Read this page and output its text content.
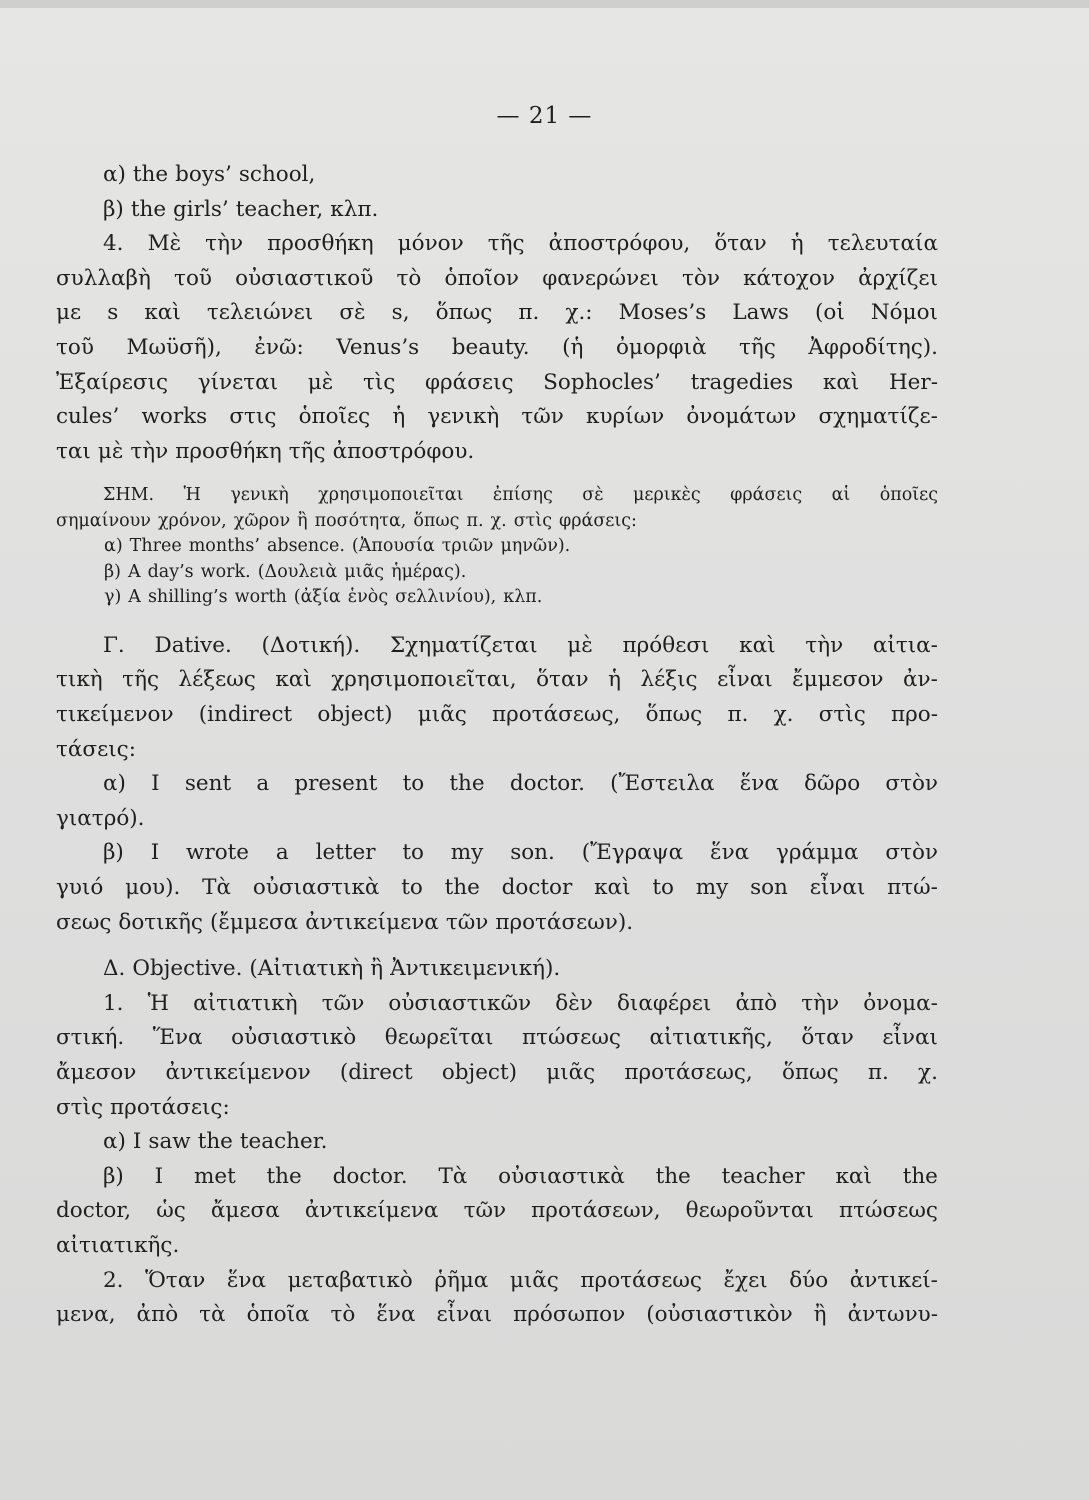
— 21 —
α) the boys’ school,
β) the girls’ teacher, κλπ.
4. Μὲ τὴν προσθήκη μόνον τῆς ἀποστρόφου, ὅταν ἡ τελευταία
συλλαβὴ τοῦ οὐσιαστικοῦ τὸ ὁποῖον φανερώνει τὸν κάτοχον ἀρχίζει
με s καὶ τελειώνει σὲ s, ὅπως π. χ.: Moses’s Laws (οἱ Νόμοι
τοῦ Μωϋσῆ), ἐνῶ: Venus’s beauty. (ἡ ὀμορφιὰ τῆς Ἀφροδίτης).
Ἐξαίρεσις γίνεται μὲ τὶς φράσεις Sophocles’ tragedies καὶ Her-
cules’ works στις ὁποῖες ἡ γενικὴ τῶν κυρίων ὀνομάτων σχηματίζε-
ται μὲ τὴν προσθήκη τῆς ἀποστρόφου.
ΣΗΜ. Ἡ γενικὴ χρησιμοποιεῖται ἐπίσης σὲ μερικὲς φράσεις αἱ ὁποῖες
σημαίνουν χρόνον, χῶρον ἢ ποσότητα, ὅπως π. χ. στὶς φράσεις:
α) Three months’ absence. (Ἀπουσία τριῶν μηνῶν).
β) A day’s work. (Δουλειὰ μιᾶς ἡμέρας).
γ) A shilling’s worth (ἀξία ἑνὸς σελλινίου), κλπ.
Γ. Dative. (Δοτική). Σχηματίζεται μὲ πρόθεσι καὶ τὴν αἰτια-
τικὴ τῆς λέξεως καὶ χρησιμοποιεῖται, ὅταν ἡ λέξις εἶναι ἔμμεσον ἀν-
τικείμενον (indirect object) μιᾶς προτάσεως, ὅπως π. χ. στὶς προ-
τάσεις:
α) I sent a present to the doctor. (Ἔστειλα ἕνα δῶρο στὸν
γιατρό).
β) I wrote a letter to my son. (Ἔγραψα ἕνα γράμμα στὸν
γυιό μου). Τὰ οὐσιαστικὰ to the doctor καὶ to my son εἶναι πτώ-
σεως δοτικῆς (ἔμμεσα ἀντικείμενα τῶν προτάσεων).
Δ. Objective. (Αἰτιατικὴ ἢ Ἀντικειμενική).
1. Ἡ αἰτιατικὴ τῶν οὐσιαστικῶν δὲν διαφέρει ἀπὸ τὴν ὀνομα-
στική. Ἕνα οὐσιαστικὸ θεωρεῖται πτώσεως αἰτιατικῆς, ὅταν εἶναι
ἄμεσον ἀντικείμενον (direct object) μιᾶς προτάσεως, ὅπως π. χ.
στὶς προτάσεις:
α) I saw the teacher.
β) I met the doctor. Τὰ οὐσιαστικὰ the teacher καὶ the
doctor, ὡς ἄμεσα ἀντικείμενα τῶν προτάσεων, θεωροῦνται πτώσεως
αἰτιατικῆς.
2. Ὅταν ἕνα μεταβατικὸ ῥῆμα μιᾶς προτάσεως ἔχει δύο ἀντικεί-
μενα, ἀπὸ τὰ ὁποῖα τὸ ἕνα εἶναι πρόσωπον (οὐσιαστικὸν ἢ ἀντωνυ-
